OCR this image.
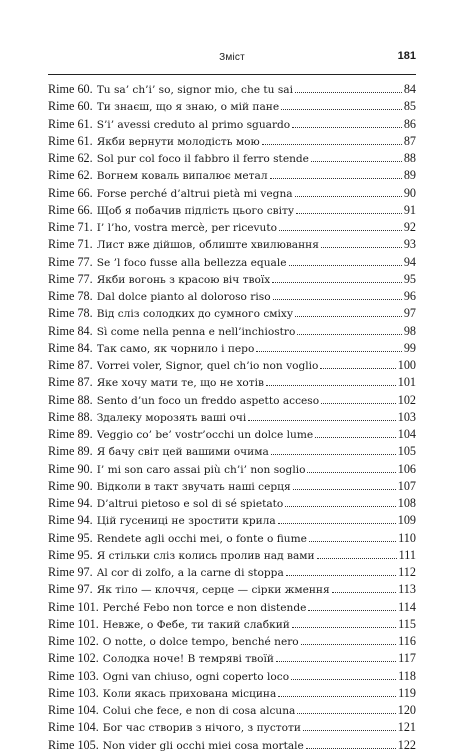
Зміст	181
Rime 60. Tu sa’ ch’i’ so, signor mio, che tu sai	84
Rime 60. Ти знаєш, що я знаю, о мій пане	85
Rime 61. S’i’ avessi creduto al primo sguardo	86
Rime 61. Якби вернути молодість мою	87
Rime 62. Sol pur col foco il fabbro il ferro stende	88
Rime 62. Вогнем коваль випалює метал	89
Rime 66. Forse perché d’altrui pietà mi vegna	90
Rime 66. Щоб я побачив підлість цього світу	91
Rime 71. I’ l’ho, vostra mercè, per ricevuto	92
Rime 71. Лист вже дійшов, облиште хвилювання	93
Rime 77. Se ’l foco fusse alla bellezza equale	94
Rime 77. Якби вогонь з красою віч твоїх	95
Rime 78. Dal dolce pianto al doloroso riso	96
Rime 78. Від сліз солодких до сумного сміху	97
Rime 84. Sì come nella penna e nell’inchiostro	98
Rime 84. Так само, як чорнило і перо	99
Rime 87. Vorrei voler, Signor, quel ch’io non voglio	100
Rime 87. Яке хочу мати те, що не хотів	101
Rime 88. Sento d’un foco un freddo aspetto acceso	102
Rime 88. Здалеку морозять ваші очі	103
Rime 89. Veggio co’ be’ vostr’occhi un dolce lume	104
Rime 89. Я бачу світ цей вашими очима	105
Rime 90. I’ mi son caro assai più ch’i’ non soglio	106
Rime 90. Відколи в такт звучать наші серця	107
Rime 94. D’altrui pietoso e sol di sé spietato	108
Rime 94. Цій гусениці не зростити крила	109
Rime 95. Rendete agli occhi mei, o fonte o fiume	110
Rime 95. Я стільки сліз колись пролив над вами	111
Rime 97. Al cor di zolfo, a la carne di stoppa	112
Rime 97. Як тіло — клоччя, серце — сірки жмення	113
Rime 101. Perché Febo non torce e non distende	114
Rime 101. Невже, о Фебе, ти такий слабкий	115
Rime 102. O notte, o dolce tempo, benché nero	116
Rime 102. Солодка ноче! В темряві твоїй	117
Rime 103. Ogni van chiuso, ogni coperto loco	118
Rime 103. Коли якась прихована місцина	119
Rime 104. Colui che fece, e non di cosa alcuna	120
Rime 104. Бог час створив з нічого, з пустоти	121
Rime 105. Non vider gli occhi miei cosa mortale	122
